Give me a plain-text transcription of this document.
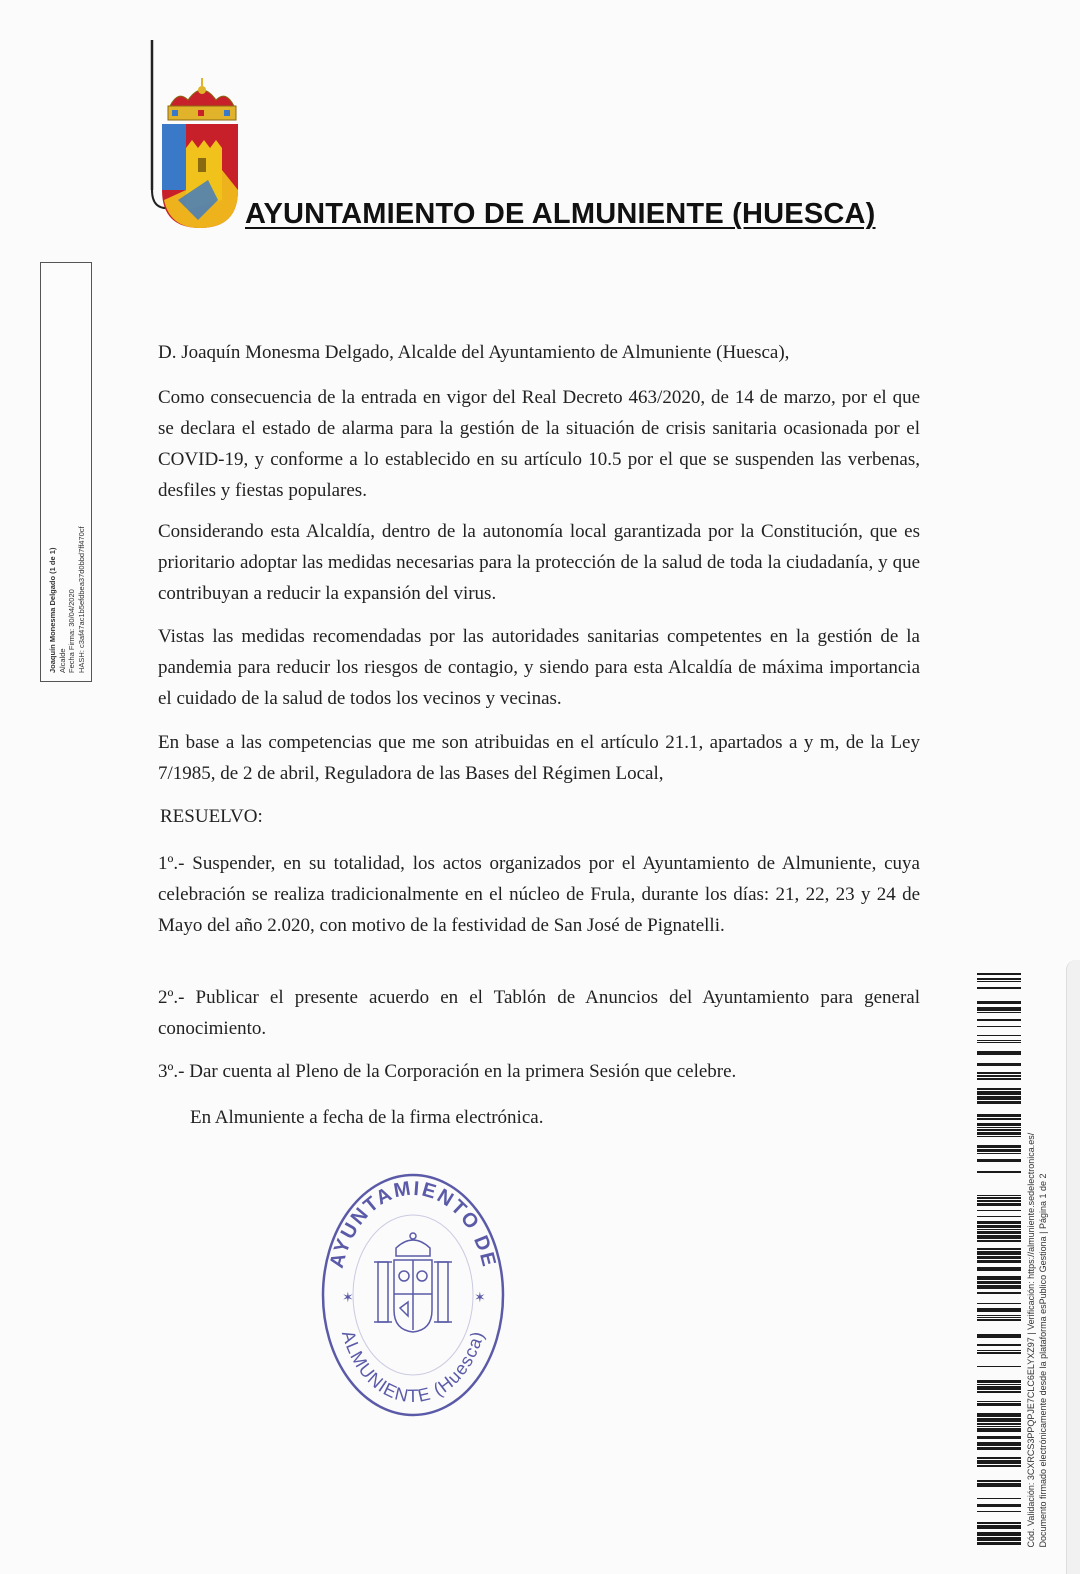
AYUNTAMIENTO DE ALMUNIENTE (HUESCA)
Joaquín Monesma Delgado (1 de 1) Alcalde Fecha Firma: 30/04/2020 HASH: c3af47ac1b5efdbea37d0bbd7ff470cf
D. Joaquín Monesma Delgado, Alcalde del Ayuntamiento de Almuniente (Huesca),
Como consecuencia de la entrada en vigor del Real Decreto 463/2020, de 14 de marzo, por el que se declara el estado de alarma para la gestión de la situación de crisis sanitaria ocasionada por el COVID-19, y conforme a lo establecido en su artículo 10.5 por el que se suspenden las verbenas, desfiles y fiestas populares.
Considerando esta Alcaldía, dentro de la autonomía local garantizada por la Constitución, que es prioritario adoptar las medidas necesarias para la protección de la salud de toda la ciudadanía, y que contribuyan a reducir la expansión del virus.
Vistas las medidas recomendadas por las autoridades sanitarias competentes en la gestión de la pandemia para reducir los riesgos de contagio, y siendo para esta Alcaldía de máxima importancia el cuidado de la salud de todos los vecinos y vecinas.
En base a las competencias que me son atribuidas en el artículo 21.1, apartados a y m, de la Ley 7/1985, de 2 de abril, Reguladora de las Bases del Régimen Local,
RESUELVO:
1º.- Suspender, en su totalidad, los actos organizados por el Ayuntamiento de Almuniente, cuya celebración se realiza tradicionalmente en el núcleo de Frula, durante los días: 21, 22, 23 y 24 de Mayo del año 2.020, con motivo de la festividad de San José de Pignatelli.
2º.- Publicar el presente acuerdo en el Tablón de Anuncios del Ayuntamiento para general conocimiento.
3º.- Dar cuenta al Pleno de la Corporación en la primera Sesión que celebre.
En Almuniente a fecha de la firma electrónica.
AYUNTAMIENTO DE
ALMUNIENTE (Huesca)
✶	✶	Cód. Validación: 3CXRCS3PPQPJE7CLC6ELYXZ97 | Verificación: https://almuniente.sedelectronica.es/ Documento firmado electrónicamente desde la plataforma esPublico Gestiona | Página 1 de 2
